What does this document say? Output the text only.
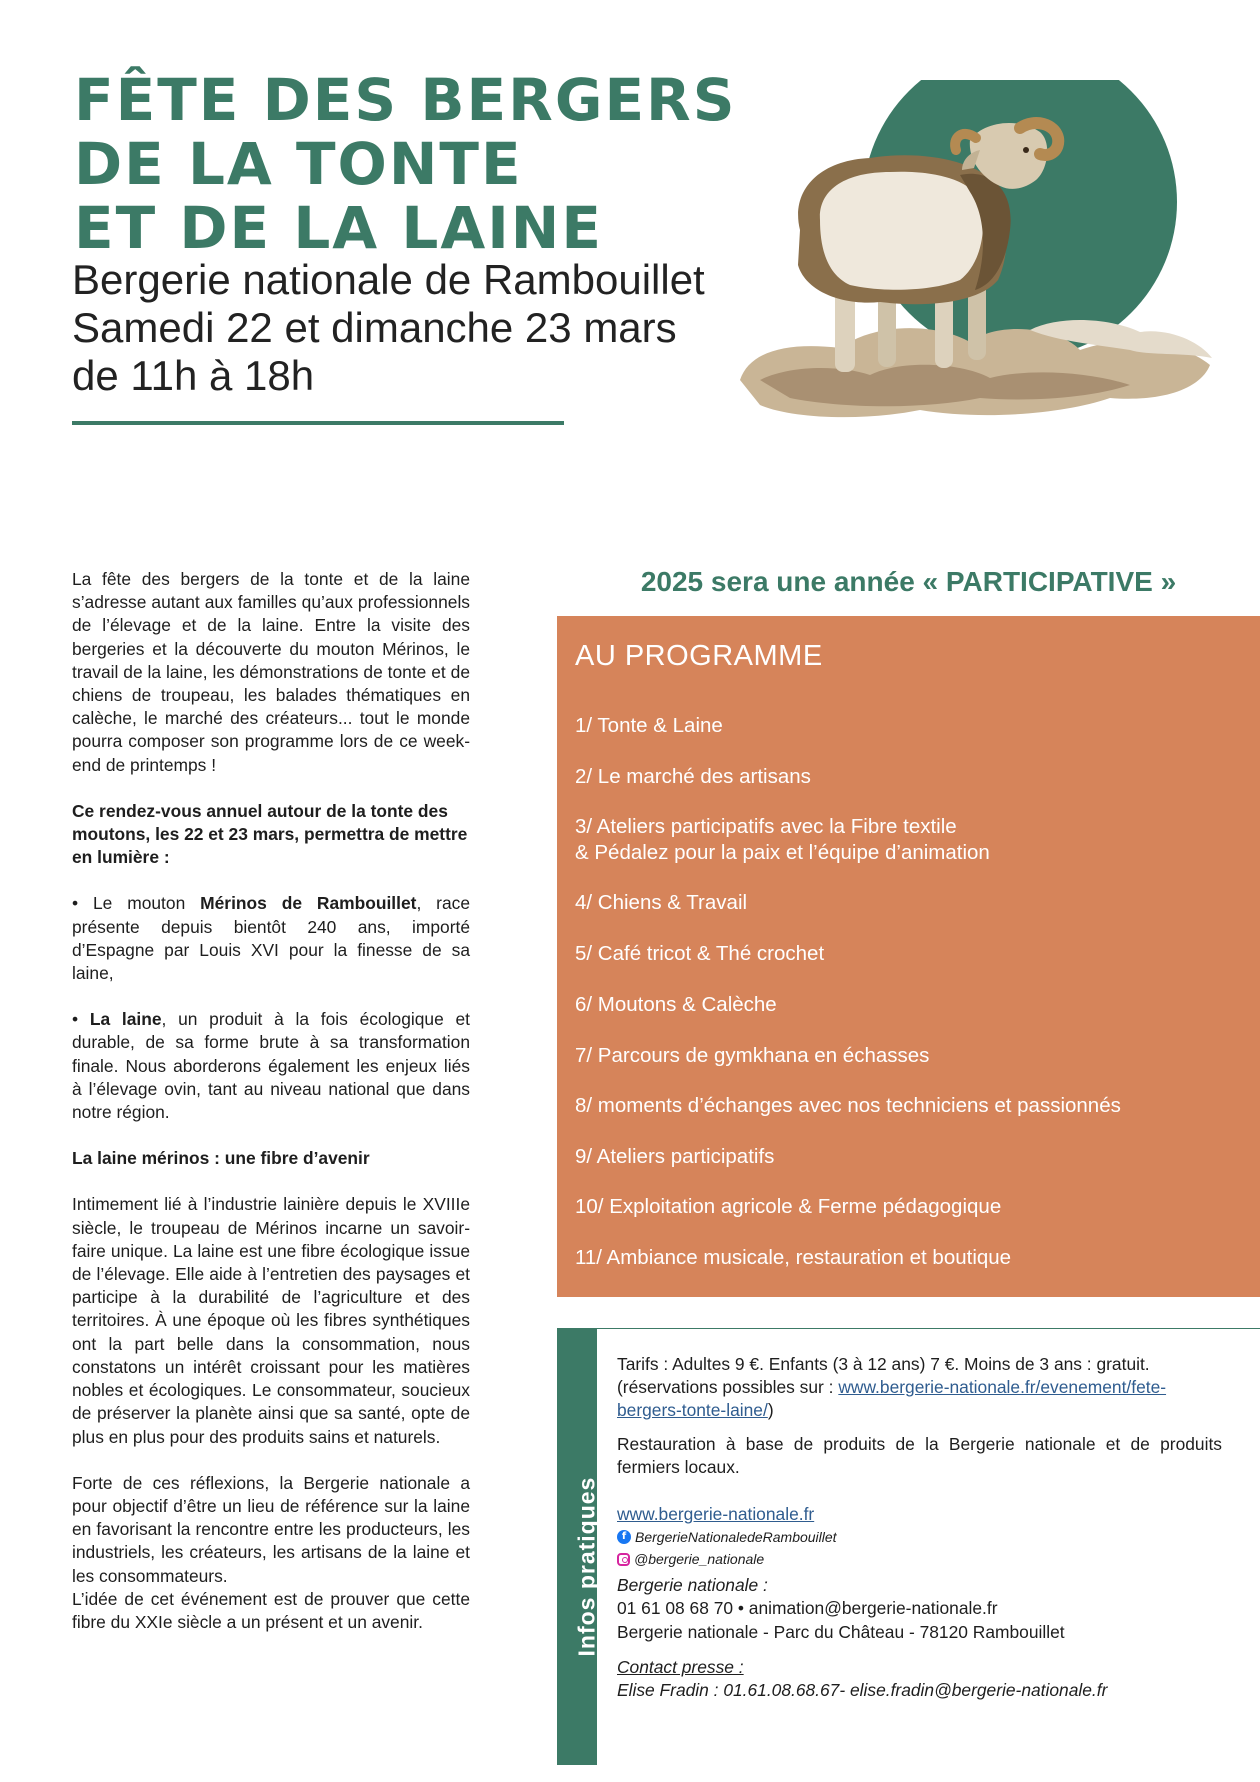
FÊTE DES BERGERS
DE LA TONTE
ET DE LA LAINE
Bergerie nationale de Rambouillet
Samedi 22 et dimanche 23 mars
de 11h à 18h

La fête des bergers de la tonte et de la laine s’adresse autant aux familles qu’aux professionnels de l’élevage et de la laine. Entre la visite des bergeries et la découverte du mouton Mérinos, le travail de la laine, les démonstrations de tonte et de chiens de troupeau, les balades thématiques en calèche, le marché des créateurs... tout le monde pourra composer son programme lors de ce week-end de printemps !

Ce rendez-vous annuel autour de la tonte des moutons, les 22 et 23 mars, permettra de mettre en lumière :

• Le mouton Mérinos de Rambouillet, race présente depuis bientôt 240 ans, importé d’Espagne par Louis XVI pour la finesse de sa laine,

• La laine, un produit à la fois écologique et durable, de sa forme brute à sa transformation finale. Nous aborderons également les enjeux liés à l’élevage ovin, tant au niveau national que dans notre région.

La laine mérinos : une fibre d’avenir

Intimement lié à l’industrie lainière depuis le XVIIIe siècle, le troupeau de Mérinos incarne un savoir-faire unique. La laine est une fibre écologique issue de l’élevage. Elle aide à l’entretien des paysages et participe à la durabilité de l’agriculture et des territoires. À une époque où les fibres synthétiques ont la part belle dans la consommation, nous constatons un intérêt croissant pour les matières nobles et écologiques. Le consommateur, soucieux de préserver la planète ainsi que sa santé, opte de plus en plus pour des produits sains et naturels.

Forte de ces réflexions, la Bergerie nationale a pour objectif d’être un lieu de référence sur la laine en favorisant la rencontre entre les producteurs, les industriels, les créateurs, les artisans de la laine et les consommateurs.

L’idée de cet événement est de prouver que cette fibre du XXIe siècle a un présent et un avenir.

2025 sera une année « PARTICIPATIVE »
AU PROGRAMME
1/ Tonte & Laine
2/ Le marché des artisans
3/ Ateliers participatifs avec la Fibre textile
& Pédalez pour la paix et l’équipe d’animation
4/ Chiens & Travail
5/ Café tricot & Thé crochet
6/ Moutons & Calèche
7/ Parcours de gymkhana en échasses
8/ moments d’échanges avec nos techniciens et passionnés
9/ Ateliers participatifs
10/ Exploitation agricole & Ferme pédagogique
11/ Ambiance musicale, restauration et boutique
Infos pratiques

Tarifs : Adultes 9 €. Enfants (3 à 12 ans) 7 €. Moins de 3 ans : gratuit.

(réservations possibles sur : www.bergerie-nationale.fr/evenement/fete-bergers-tonte-laine/)

Restauration à base de produits de la Bergerie nationale et de produits fermiers locaux.

www.bergerie-nationale.fr

f BergerieNationaledeRambouillet
@bergerie_nationale

Bergerie nationale :

01 61 08 68 70 • animation@bergerie-nationale.fr

Bergerie nationale - Parc du Château - 78120 Rambouillet

Contact presse :

Elise Fradin : 01.61.08.68.67- elise.fradin@bergerie-nationale.fr
